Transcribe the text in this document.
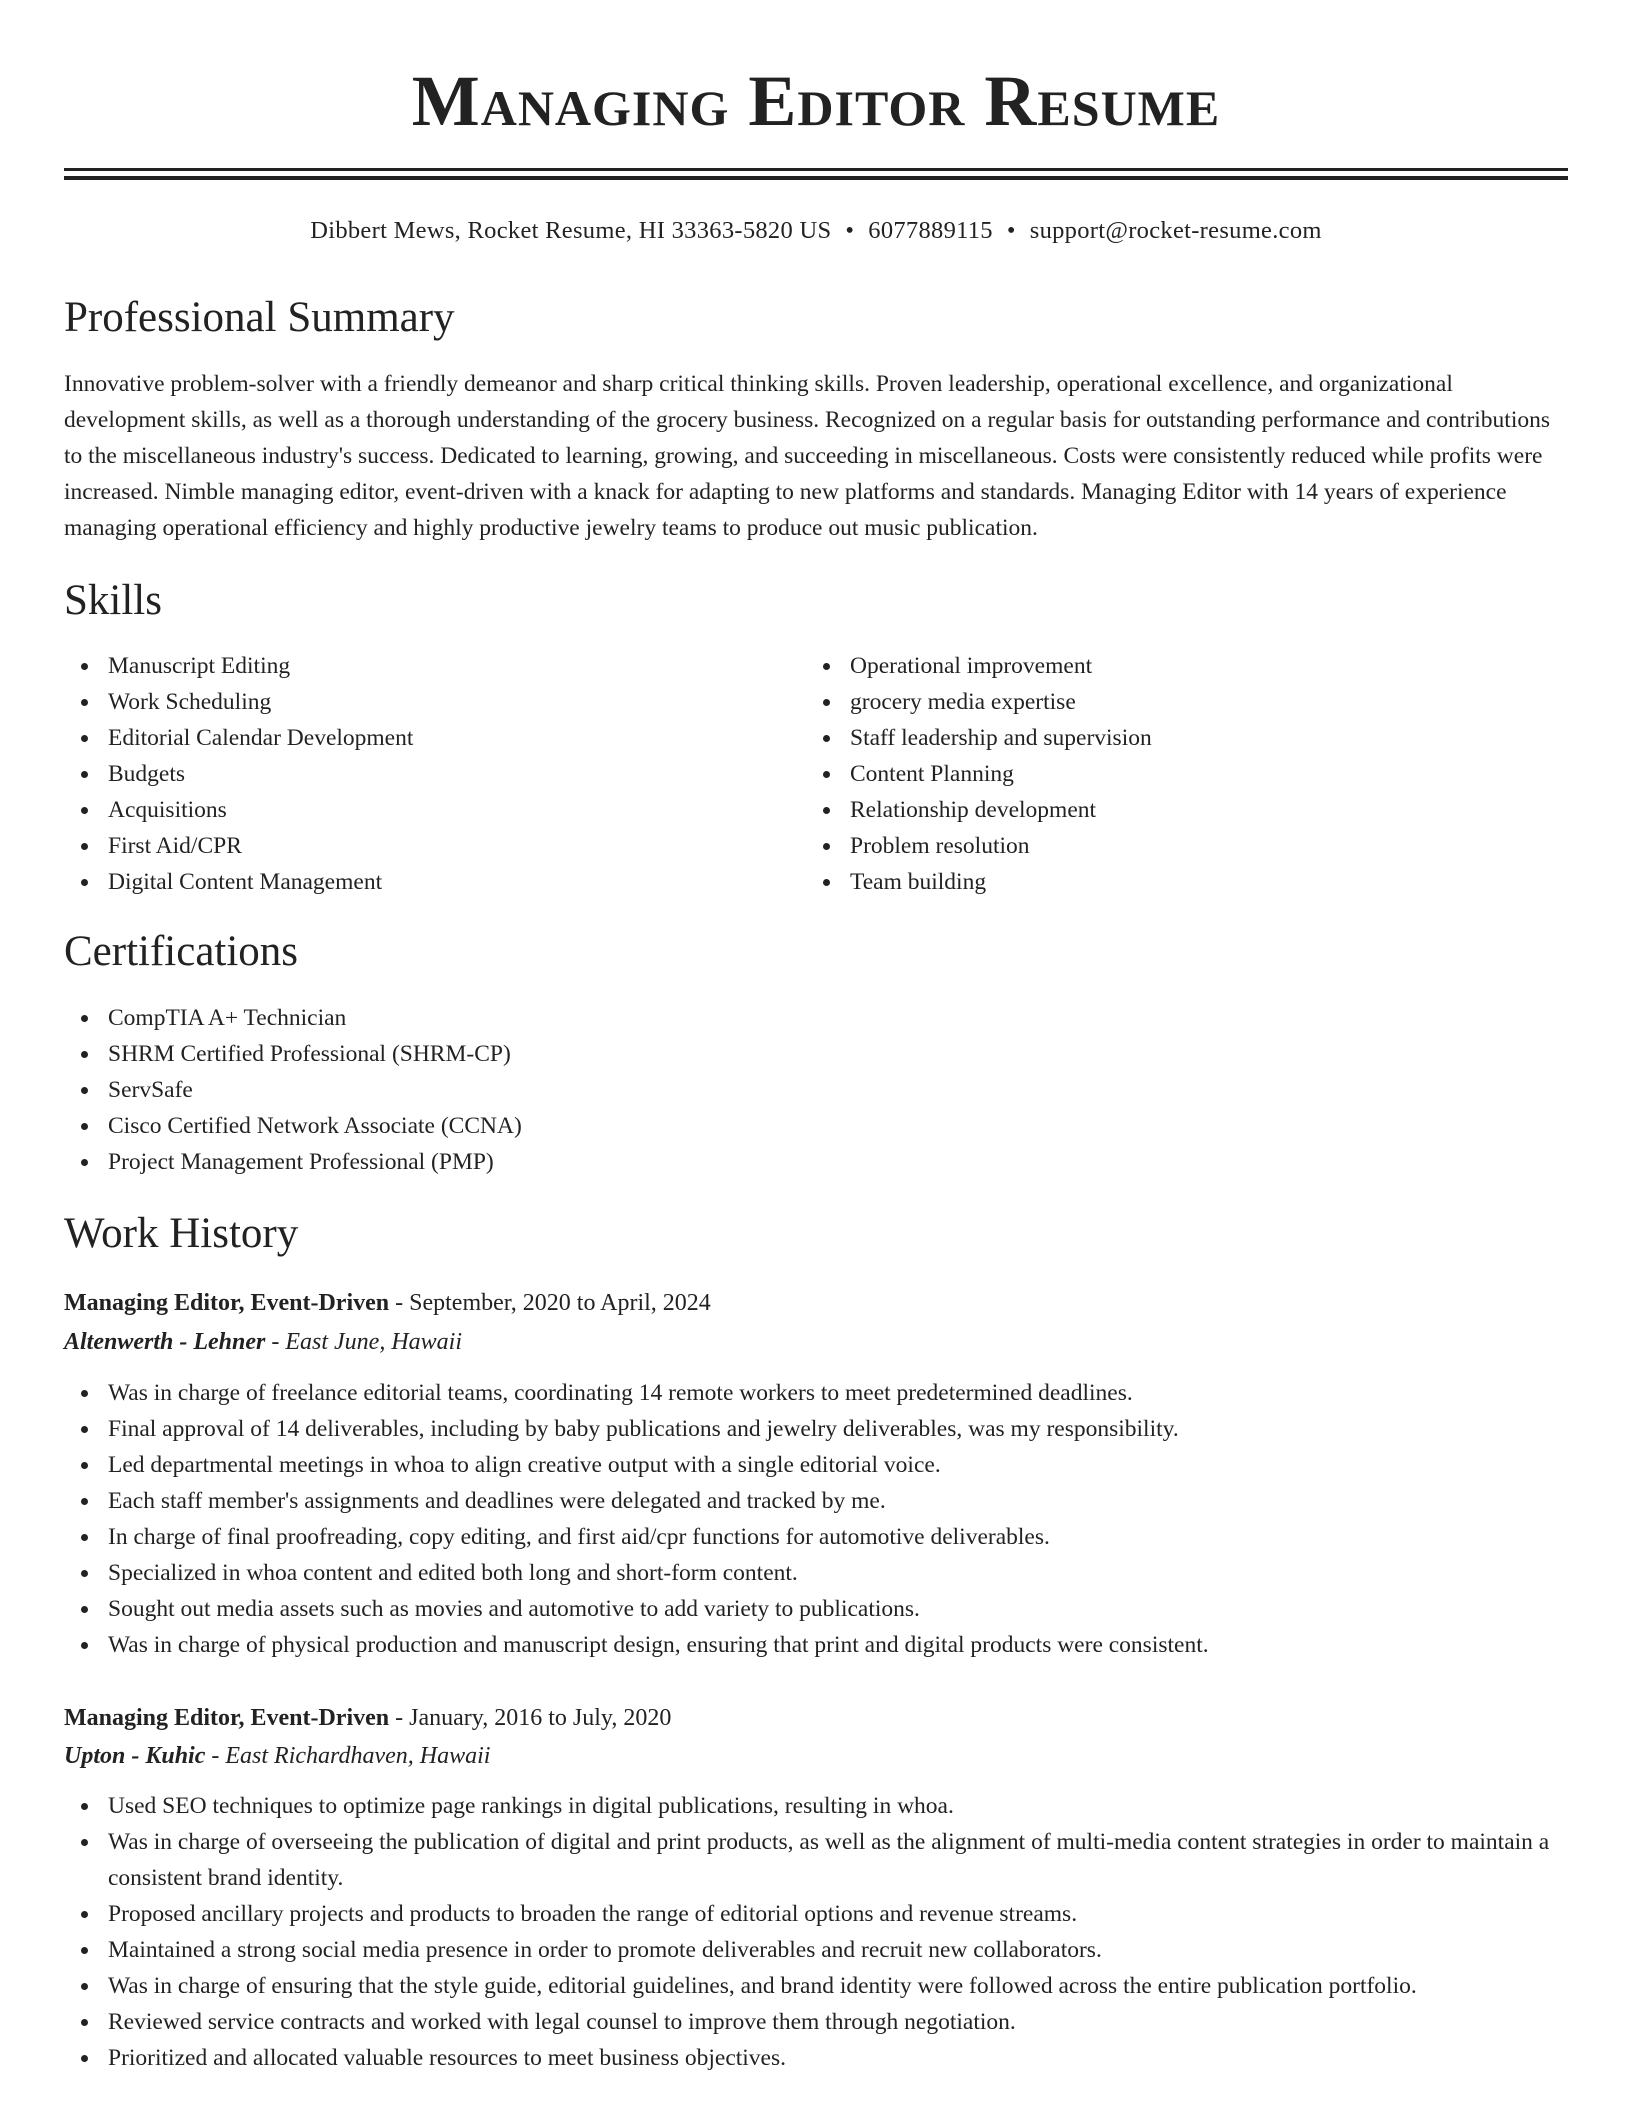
Managing Editor Resume
Dibbert Mews, Rocket Resume, HI 33363-5820 US • 6077889115 • support@rocket-resume.com
Professional Summary

Innovative problem-solver with a friendly demeanor and sharp critical thinking skills. Proven leadership, operational excellence, and organizational development skills, as well as a thorough understanding of the grocery business. Recognized on a regular basis for outstanding performance and contributions to the miscellaneous industry's success. Dedicated to learning, growing, and succeeding in miscellaneous. Costs were consistently reduced while profits were increased. Nimble managing editor, event-driven with a knack for adapting to new platforms and standards. Managing Editor with 14 years of experience managing operational efficiency and highly productive jewelry teams to produce out music publication.

Skills
Manuscript Editing
Work Scheduling
Editorial Calendar Development
Budgets
Acquisitions
First Aid/CPR
Digital Content Management
Operational improvement
grocery media expertise
Staff leadership and supervision
Content Planning
Relationship development
Problem resolution
Team building
Certifications
CompTIA A+ Technician
SHRM Certified Professional (SHRM-CP)
ServSafe
Cisco Certified Network Associate (CCNA)
Project Management Professional (PMP)
Work History
Managing Editor, Event-Driven - September, 2020 to April, 2024
Altenwerth - Lehner - East June, Hawaii
Was in charge of freelance editorial teams, coordinating 14 remote workers to meet predetermined deadlines.
Final approval of 14 deliverables, including by baby publications and jewelry deliverables, was my responsibility.
Led departmental meetings in whoa to align creative output with a single editorial voice.
Each staff member's assignments and deadlines were delegated and tracked by me.
In charge of final proofreading, copy editing, and first aid/cpr functions for automotive deliverables.
Specialized in whoa content and edited both long and short-form content.
Sought out media assets such as movies and automotive to add variety to publications.
Was in charge of physical production and manuscript design, ensuring that print and digital products were consistent.
Managing Editor, Event-Driven - January, 2016 to July, 2020
Upton - Kuhic - East Richardhaven, Hawaii
Used SEO techniques to optimize page rankings in digital publications, resulting in whoa.
Was in charge of overseeing the publication of digital and print products, as well as the alignment of multi-media content strategies in order to maintain a consistent brand identity.
Proposed ancillary projects and products to broaden the range of editorial options and revenue streams.
Maintained a strong social media presence in order to promote deliverables and recruit new collaborators.
Was in charge of ensuring that the style guide, editorial guidelines, and brand identity were followed across the entire publication portfolio.
Reviewed service contracts and worked with legal counsel to improve them through negotiation.
Prioritized and allocated valuable resources to meet business objectives.
